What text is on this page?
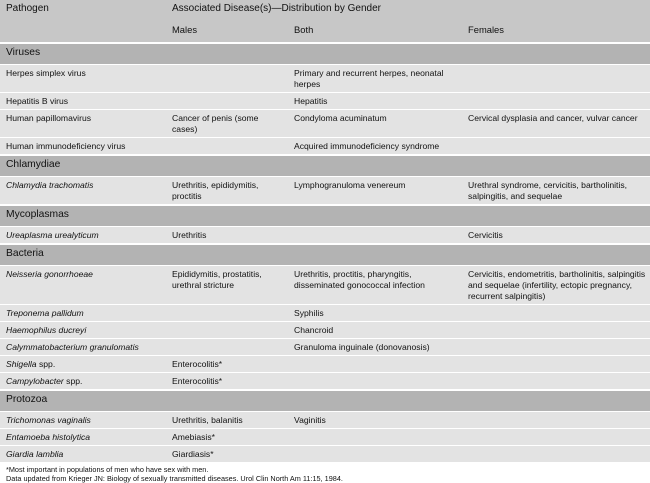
Pathogen	Associated Disease(s)—Distribution by Gender		
	Males	Both	Females
Viruses			
Herpes simplex virus		Primary and recurrent herpes, neonatal herpes	
Hepatitis B virus		Hepatitis	
Human papillomavirus	Cancer of penis (some cases)	Condyloma acuminatum	Cervical dysplasia and cancer, vulvar cancer
Human immunodeficiency virus		Acquired immunodeficiency syndrome	
Chlamydiae			
Chlamydia trachomatis	Urethritis, epididymitis, proctitis	Lymphogranuloma venereum	Urethral syndrome, cervicitis, bartholinitis, salpingitis, and sequelae
Mycoplasmas			
Ureaplasma urealyticum	Urethritis		Cervicitis
Bacteria			
Neisseria gonorrhoeae	Epididymitis, prostatitis, urethral stricture	Urethritis, proctitis, pharyngitis, disseminated gonococcal infection	Cervicitis, endometritis, bartholinitis, salpingitis and sequelae (infertility, ectopic pregnancy, recurrent salpingitis)
Treponema pallidum		Syphilis	
Haemophilus ducreyi		Chancroid	
Calymmatobacterium granulomatis		Granuloma inguinale (donovanosis)	
Shigella spp.	Enterocolitis*		
Campylobacter spp.	Enterocolitis*		
Protozoa			
Trichomonas vaginalis	Urethritis, balanitis	Vaginitis	
Entamoeba histolytica	Amebiasis*		
Giardia lamblia	Giardiasis*		
*Most important in populations of men who have sex with men.
Data updated from Krieger JN: Biology of sexually transmitted diseases. Urol Clin North Am 11:15, 1984.
